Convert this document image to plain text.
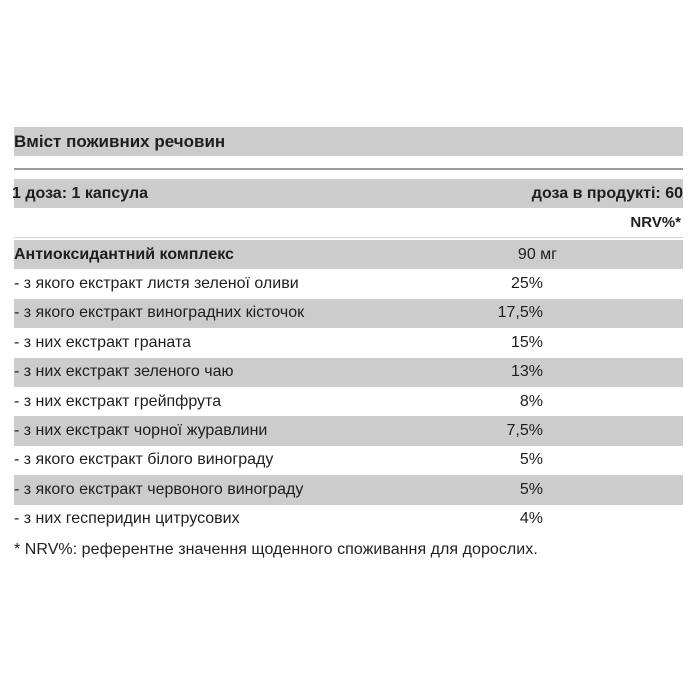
Вміст поживних речовин
1 доза: 1 капсула	доза в продукті: 60
NRV%*
Антиоксидантний комплекс	90 мг
- з якого екстракт листя зеленої оливи	25%
- з якого екстракт виноградних кісточок	17,5%
- з них екстракт граната	15%
- з них екстракт зеленого чаю	13%
- з них екстракт грейпфрута	8%
- з них екстракт чорної журавлини	7,5%
- з якого екстракт білого винограду	5%
- з якого екстракт червоного винограду	5%
- з них гесперидин цитрусових	4%
* NRV%: референтне значення щоденного споживання для дорослих.
